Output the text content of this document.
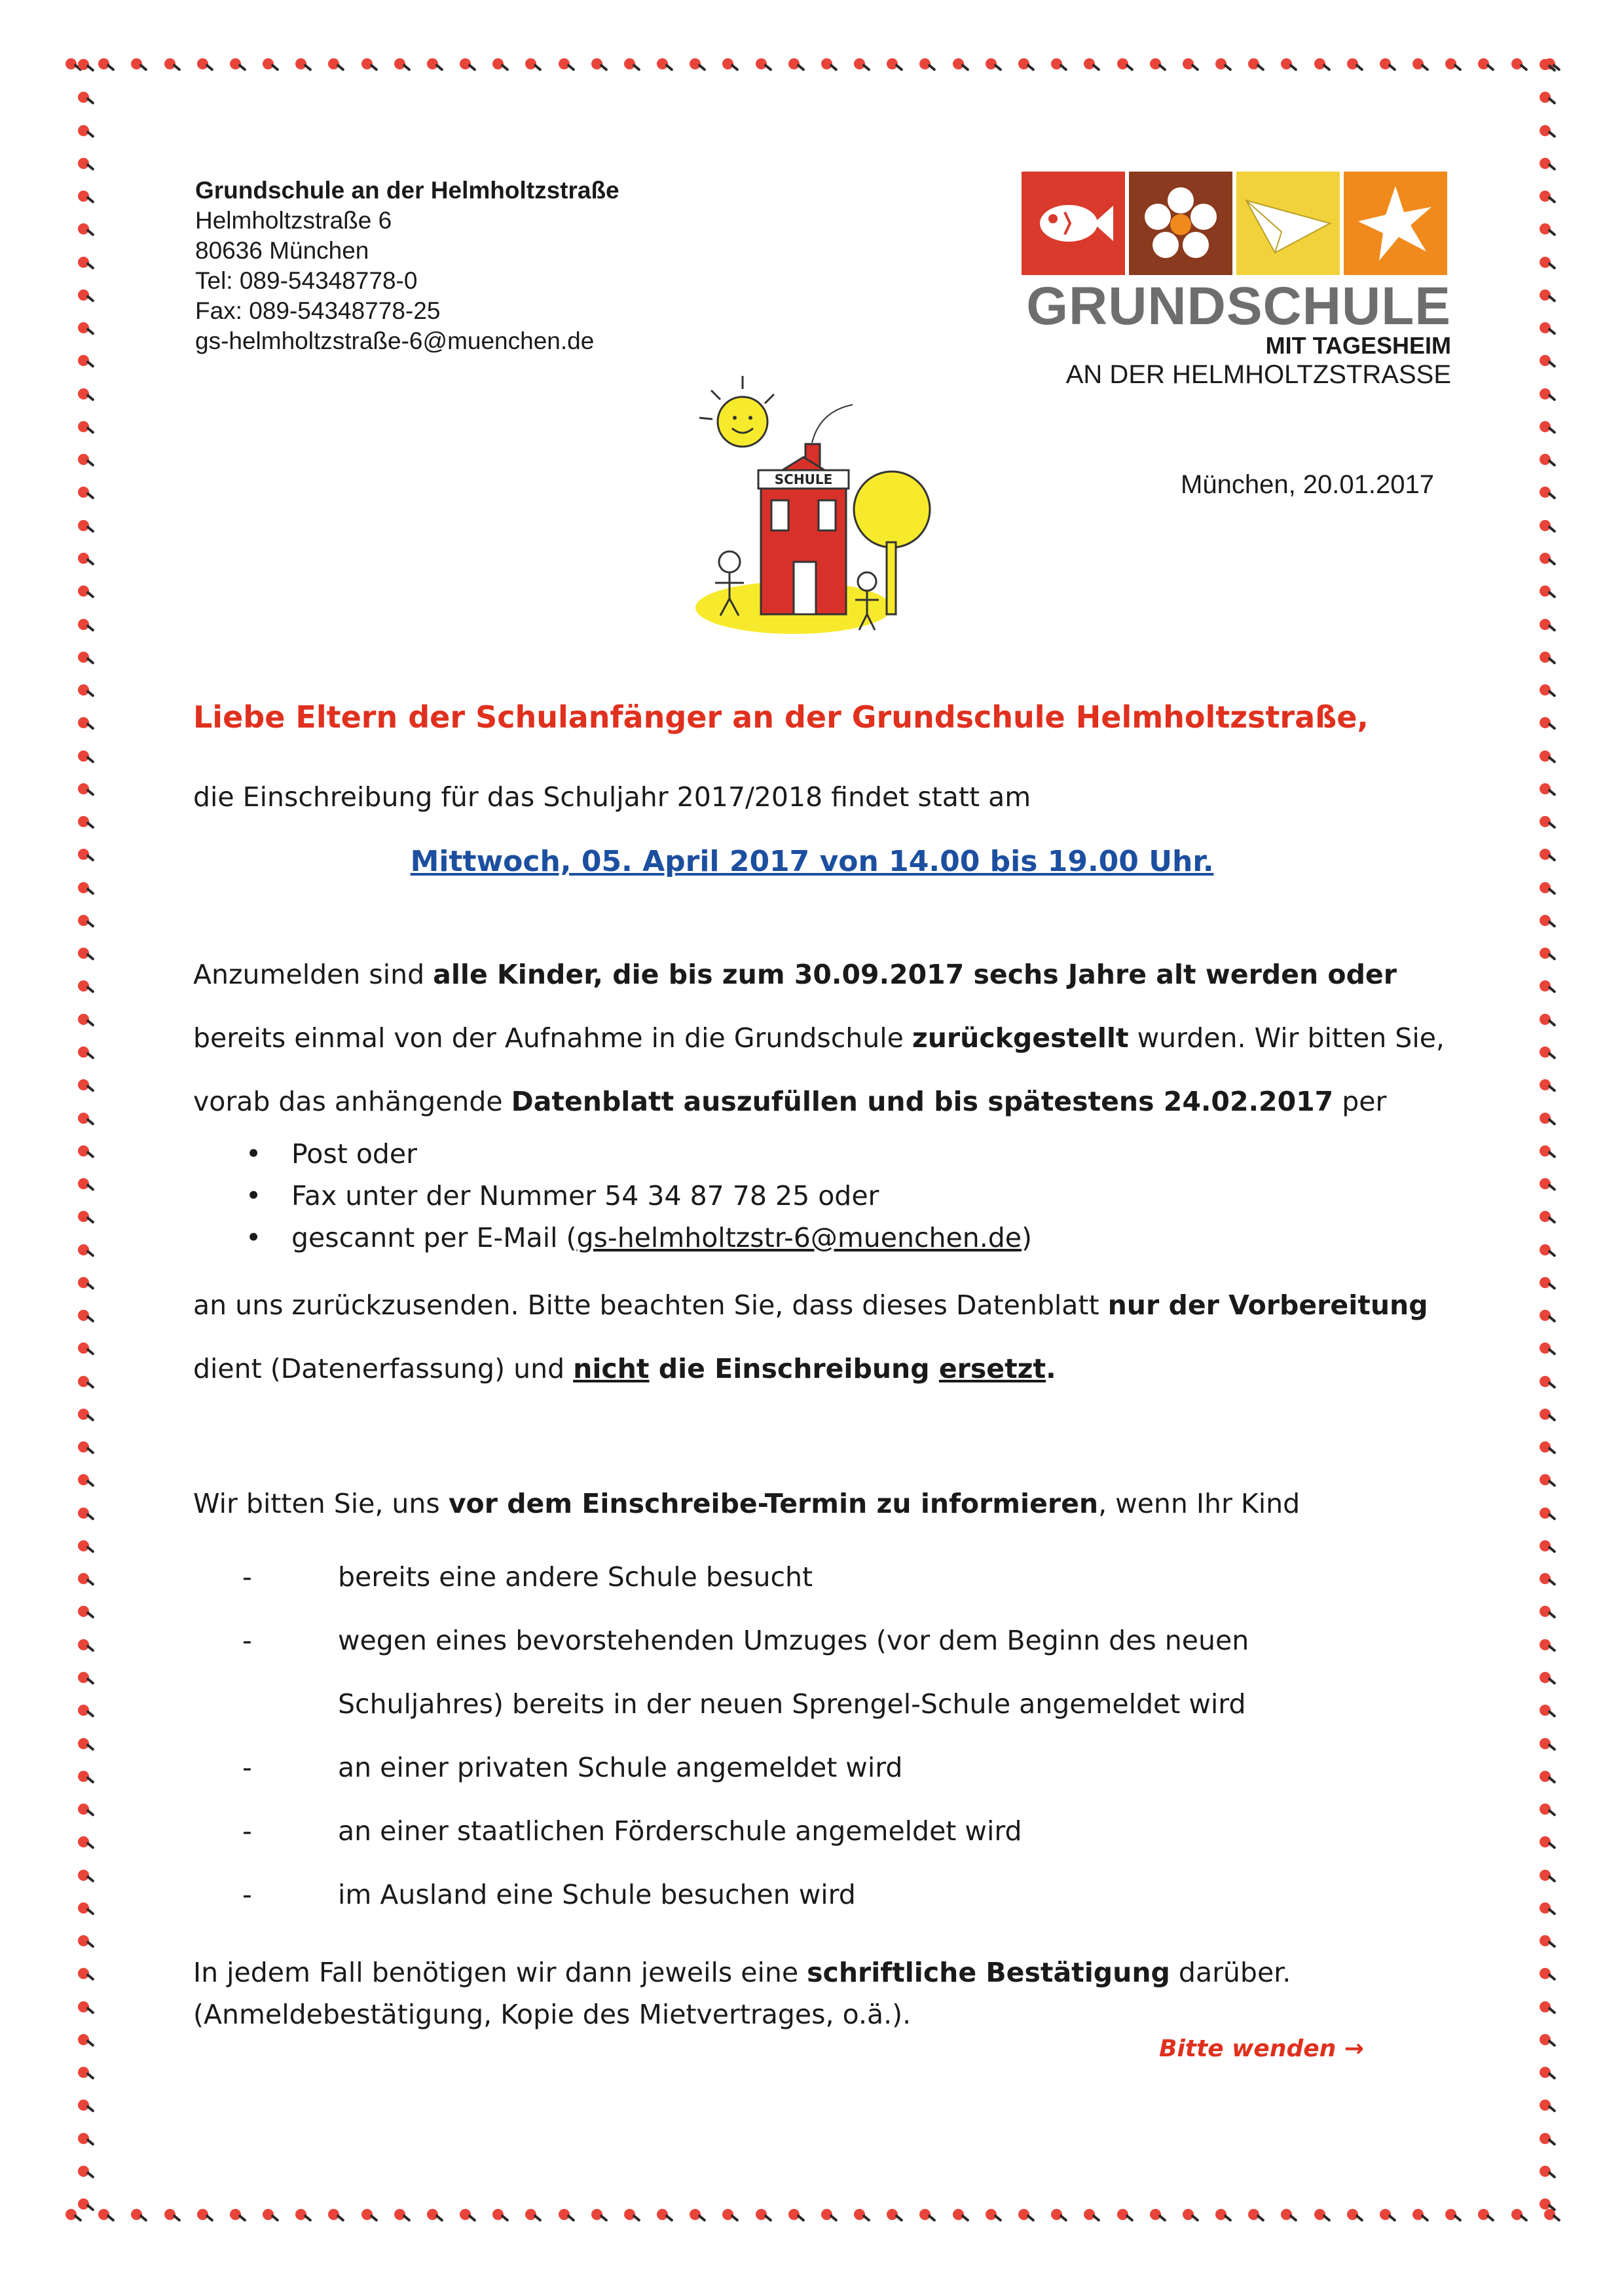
Grundschule an der Helmholtzstraße
Helmholtzstraße 6
80636 München
Tel: 089-54348778-0
Fax: 089-54348778-25
gs-helmholtzstraße-6@muenchen.de
GRUNDSCHULE
MIT TAGESHEIM
AN DER HELMHOLTZSTRASSE
SCHULE	München, 20.01.2017
Liebe Eltern der Schulanfänger an der Grundschule Helmholtzstraße,
die Einschreibung für das Schuljahr 2017/2018 findet statt am
Mittwoch, 05. April 2017 von 14.00 bis 19.00 Uhr.
Anzumelden sind alle Kinder, die bis zum 30.09.2017 sechs Jahre alt werden oder bereits einmal von der Aufnahme in die Grundschule zurückgestellt wurden. Wir bitten Sie, vorab das anhängende Datenblatt auszufüllen und bis spätestens 24.02.2017 per
• Post oder
• Fax unter der Nummer 54 34 87 78 25 oder
• gescannt per E-Mail (gs-helmholtzstr-6@muenchen.de)
an uns zurückzusenden. Bitte beachten Sie, dass dieses Datenblatt nur der Vorbereitung dient (Datenerfassung) und nicht die Einschreibung ersetzt.
Wir bitten Sie, uns vor dem Einschreibe-Termin zu informieren, wenn Ihr Kind
- bereits eine andere Schule besucht
- wegen eines bevorstehenden Umzuges (vor dem Beginn des neuen
Schuljahres) bereits in der neuen Sprengel-Schule angemeldet wird
- an einer privaten Schule angemeldet wird
- an einer staatlichen Förderschule angemeldet wird
- im Ausland eine Schule besuchen wird
In jedem Fall benötigen wir dann jeweils eine schriftliche Bestätigung darüber.
(Anmeldebestätigung, Kopie des Mietvertrages, o.ä.).
Bitte wenden →
